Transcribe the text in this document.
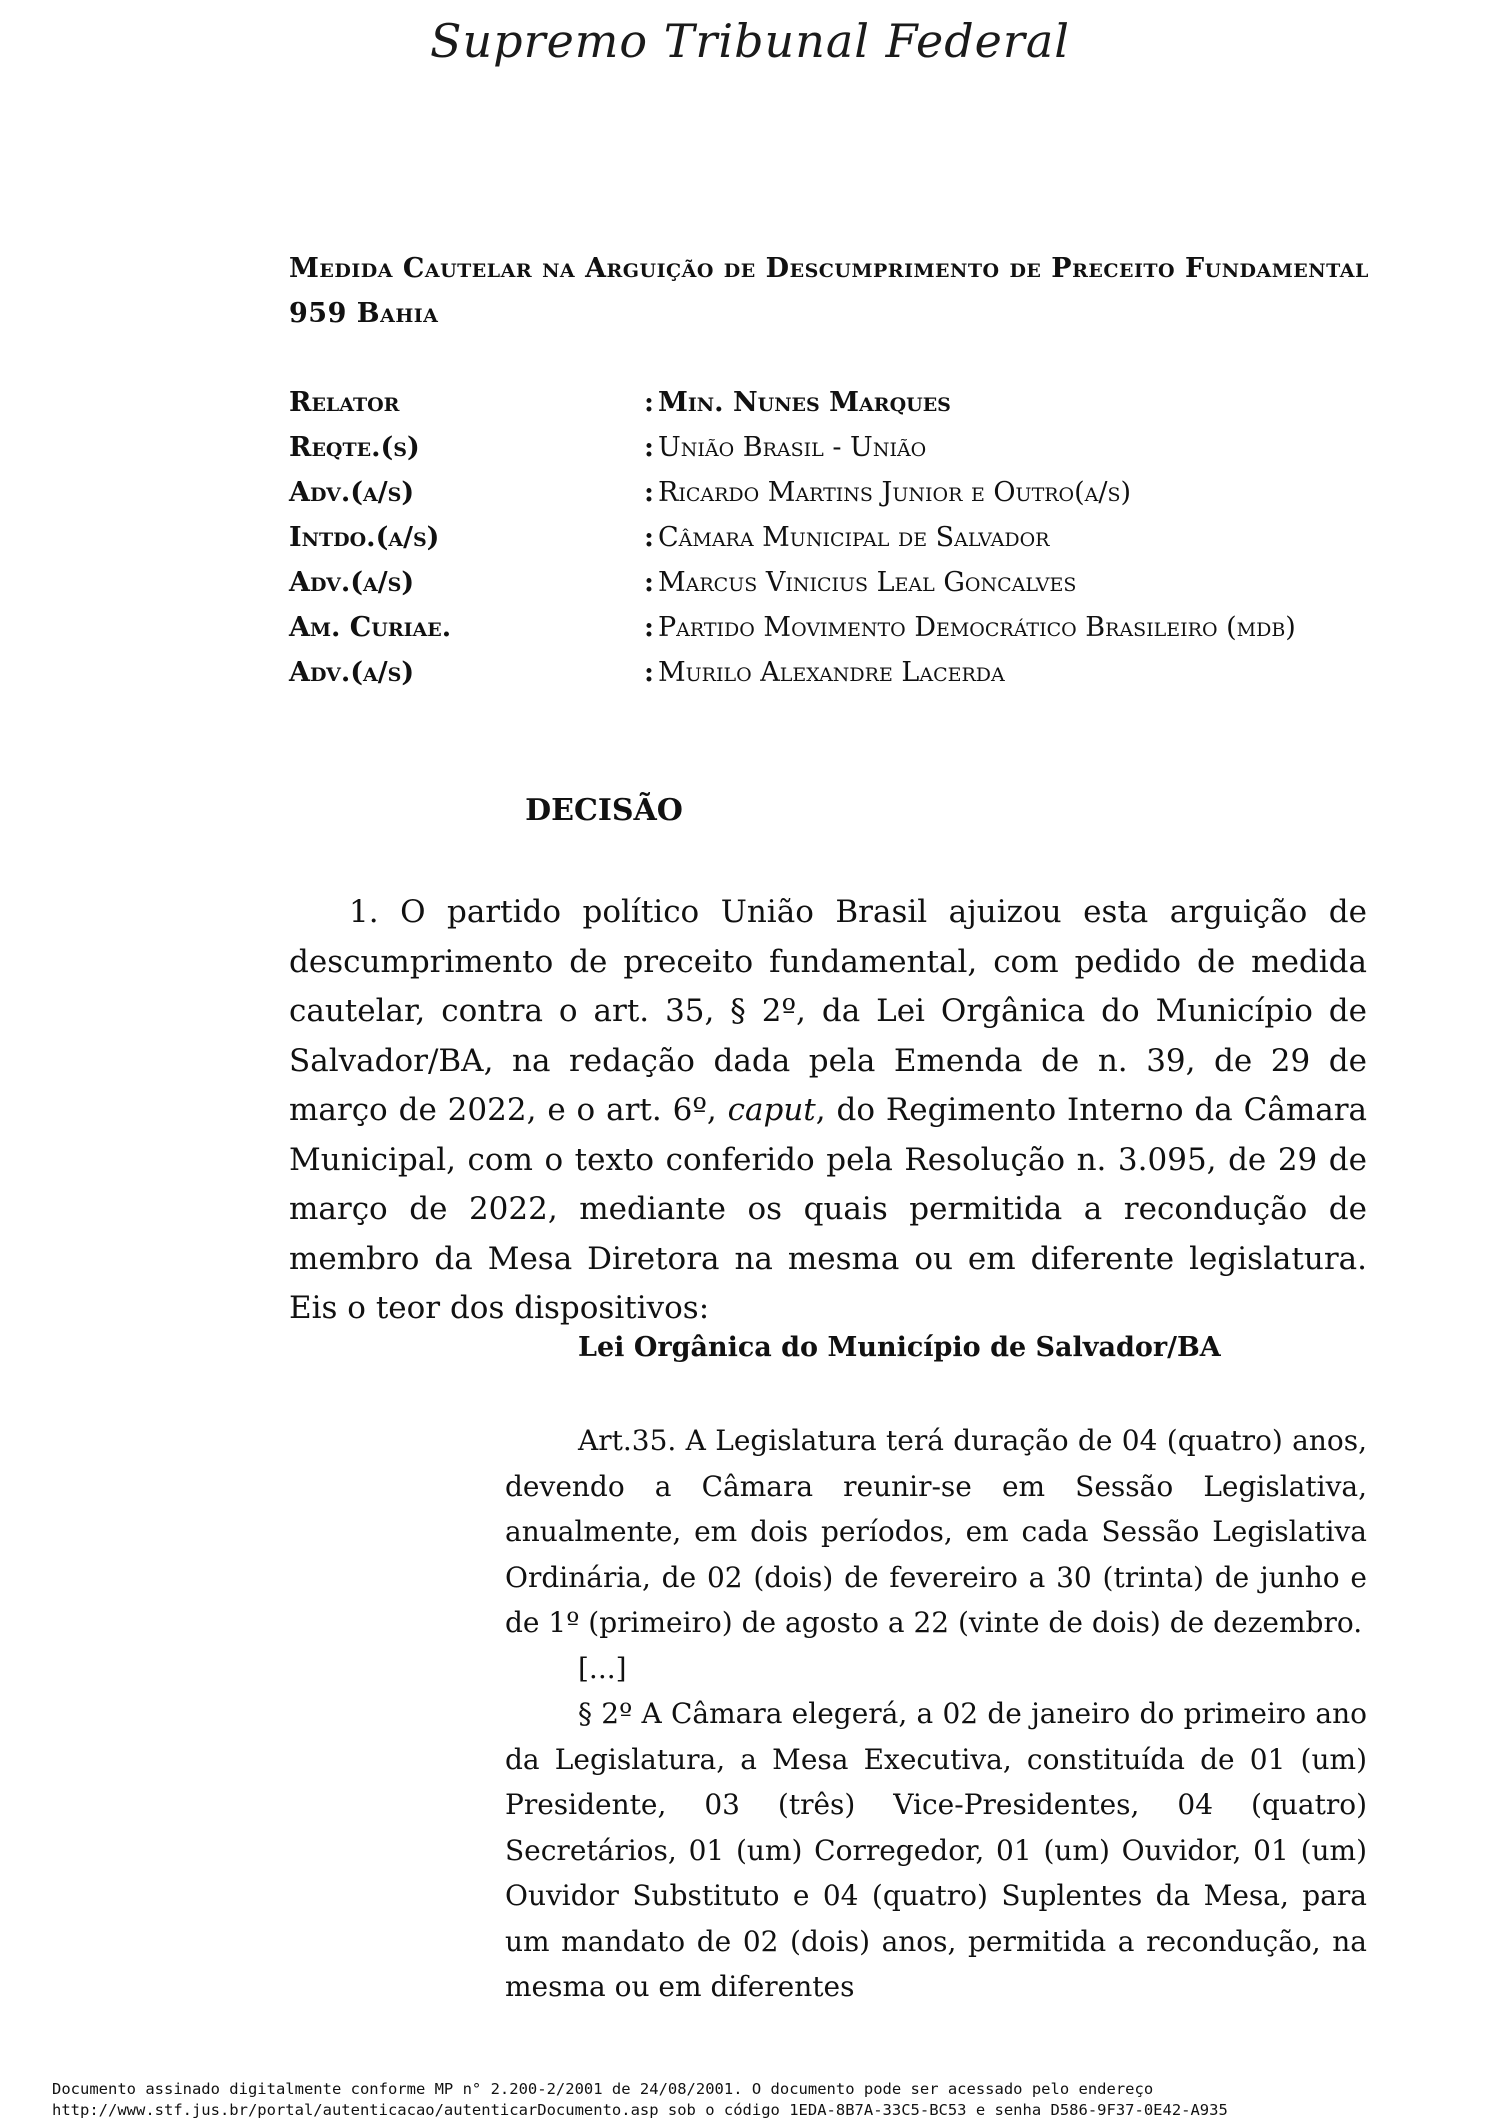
Supremo Tribunal Federal
Medida Cautelar na Arguição de Descumprimento de Preceito Fundamental 959 Bahia
Relator	: Min. Nunes Marques
Reqte.(s)	: União Brasil - União
Adv.(a/s)	: Ricardo Martins Junior e Outro(a/s)
Intdo.(a/s)	: Câmara Municipal de Salvador
Adv.(a/s)	: Marcus Vinicius Leal Goncalves
Am. Curiae.	: Partido Movimento Democrático Brasileiro (mdb)
Adv.(a/s)	: Murilo Alexandre Lacerda
DECISÃO
1. O partido político União Brasil ajuizou esta arguição de descumprimento de preceito fundamental, com pedido de medida cautelar, contra o art. 35, § 2º, da Lei Orgânica do Município de Salvador/BA, na redação dada pela Emenda de n. 39, de 29 de março de 2022, e o art. 6º, caput, do Regimento Interno da Câmara Municipal, com o texto conferido pela Resolução n. 3.095, de 29 de março de 2022, mediante os quais permitida a recondução de membro da Mesa Diretora na mesma ou em diferente legislatura. Eis o teor dos dispositivos:
Lei Orgânica do Município de Salvador/BA

Art.35. A Legislatura terá duração de 04 (quatro) anos, devendo a Câmara reunir-se em Sessão Legislativa, anualmente, em dois períodos, em cada Sessão Legislativa Ordinária, de 02 (dois) de fevereiro a 30 (trinta) de junho e de 1º (primeiro) de agosto a 22 (vinte de dois) de dezembro.

[...]

§ 2º A Câmara elegerá, a 02 de janeiro do primeiro ano da Legislatura, a Mesa Executiva, constituída de 01 (um) Presidente, 03 (três) Vice-Presidentes, 04 (quatro) Secretários, 01 (um) Corregedor, 01 (um) Ouvidor, 01 (um) Ouvidor Substituto e 04 (quatro) Suplentes da Mesa, para um mandato de 02 (dois) anos, permitida a recondução, na mesma ou em diferentes

Documento assinado digitalmente conforme MP n° 2.200-2/2001 de 24/08/2001. O documento pode ser acessado pelo endereço
http://www.stf.jus.br/portal/autenticacao/autenticarDocumento.asp sob o código 1EDA-8B7A-33C5-BC53 e senha D586-9F37-0E42-A935
